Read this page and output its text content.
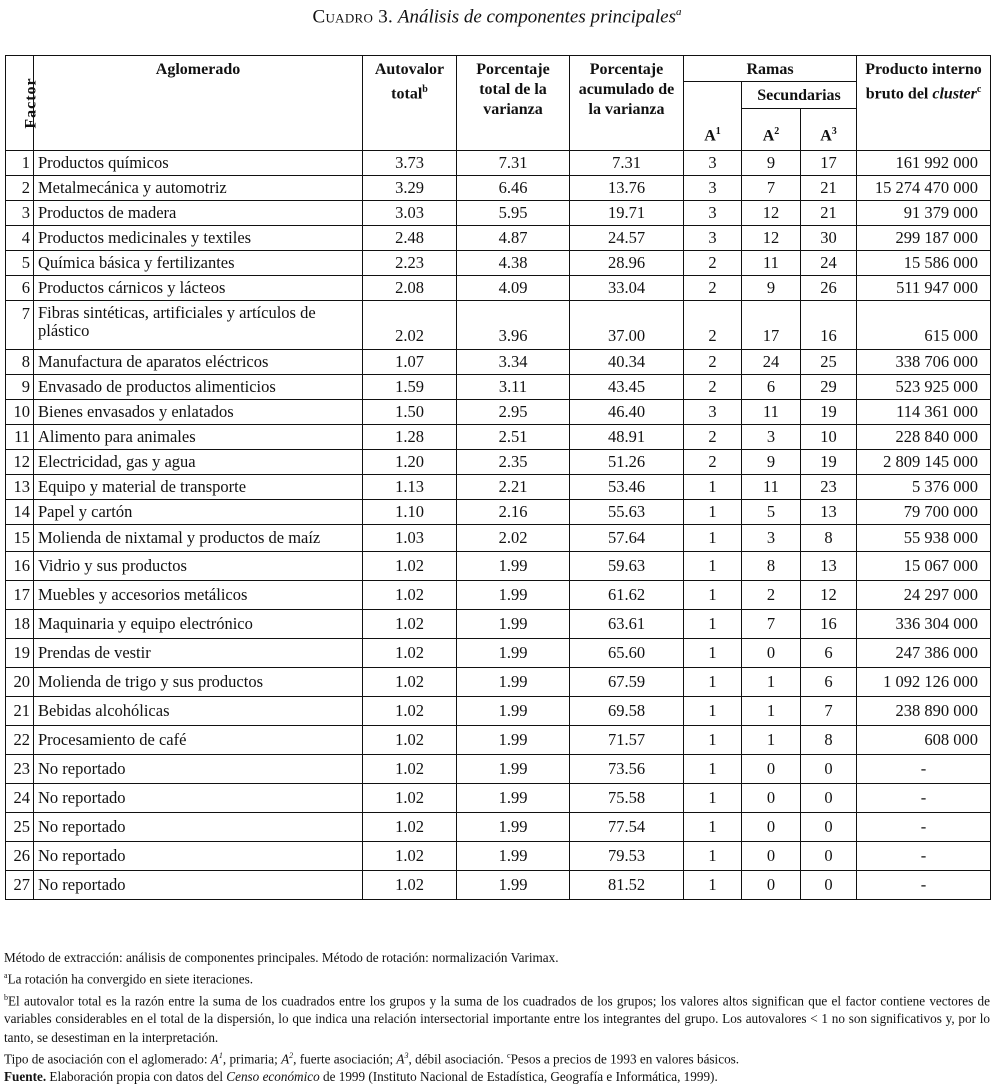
Cuadro 3. Análisis de componentes principales$^a$
Factor	Aglomerado	Autovalor total$^b$	Porcentaje total de la varianza	Porcentaje acumulado de la varianza	Ramas			Producto interno bruto del cluster$^c$
					$A^1$	Secundarias		
						$A^2$	$A^3$
1	Productos químicos	3.73	7.31	7.31	3	9	17	161 992 000
2	Metalmecánica y automotriz	3.29	6.46	13.76	3	7	21	15 274 470 000
3	Productos de madera	3.03	5.95	19.71	3	12	21	91 379 000
4	Productos medicinales y textiles	2.48	4.87	24.57	3	12	30	299 187 000
5	Química básica y fertilizantes	2.23	4.38	28.96	2	11	24	15 586 000
6	Productos cárnicos y lácteos	2.08	4.09	33.04	2	9	26	511 947 000
7	Fibras sintéticas, artificiales y artículos de plástico	2.02	3.96	37.00	2	17	16	615 000
8	Manufactura de aparatos eléctricos	1.07	3.34	40.34	2	24	25	338 706 000
9	Envasado de productos alimenticios	1.59	3.11	43.45	2	6	29	523 925 000
10	Bienes envasados y enlatados	1.50	2.95	46.40	3	11	19	114 361 000
11	Alimento para animales	1.28	2.51	48.91	2	3	10	228 840 000
12	Electricidad, gas y agua	1.20	2.35	51.26	2	9	19	2 809 145 000
13	Equipo y material de transporte	1.13	2.21	53.46	1	11	23	5 376 000
14	Papel y cartón	1.10	2.16	55.63	1	5	13	79 700 000
15	Molienda de nixtamal y productos de maíz	1.03	2.02	57.64	1	3	8	55 938 000
16	Vidrio y sus productos	1.02	1.99	59.63	1	8	13	15 067 000
17	Muebles y accesorios metálicos	1.02	1.99	61.62	1	2	12	24 297 000
18	Maquinaria y equipo electrónico	1.02	1.99	63.61	1	7	16	336 304 000
19	Prendas de vestir	1.02	1.99	65.60	1	0	6	247 386 000
20	Molienda de trigo y sus productos	1.02	1.99	67.59	1	1	6	1 092 126 000
21	Bebidas alcohólicas	1.02	1.99	69.58	1	1	7	238 890 000
22	Procesamiento de café	1.02	1.99	71.57	1	1	8	608 000
23	No reportado	1.02	1.99	73.56	1	0	0	-
24	No reportado	1.02	1.99	75.58	1	0	0	-
25	No reportado	1.02	1.99	77.54	1	0	0	-
26	No reportado	1.02	1.99	79.53	1	0	0	-
27	No reportado	1.02	1.99	81.52	1	0	0	-

Método de extracción: análisis de componentes principales. Método de rotación: normalización Varimax.

$^a$La rotación ha convergido en siete iteraciones.

$^b$El autovalor total es la razón entre la suma de los cuadrados entre los grupos y la suma de los cuadrados de los grupos; los valores altos significan que el factor contiene vectores de variables considerables en el total de la dispersión, lo que indica una relación intersectorial importante entre los integrantes del grupo. Los autovalores < 1 no son significativos y, por lo tanto, se desestiman en la interpretación.

Tipo de asociación con el aglomerado: $A^1$, primaria; $A^2$, fuerte asociación; $A^3$, débil asociación. $^c$Pesos a precios de 1993 en valores básicos.

Fuente. Elaboración propia con datos del Censo económico de 1999 (Instituto Nacional de Estadística, Geografía e Informática, 1999).
